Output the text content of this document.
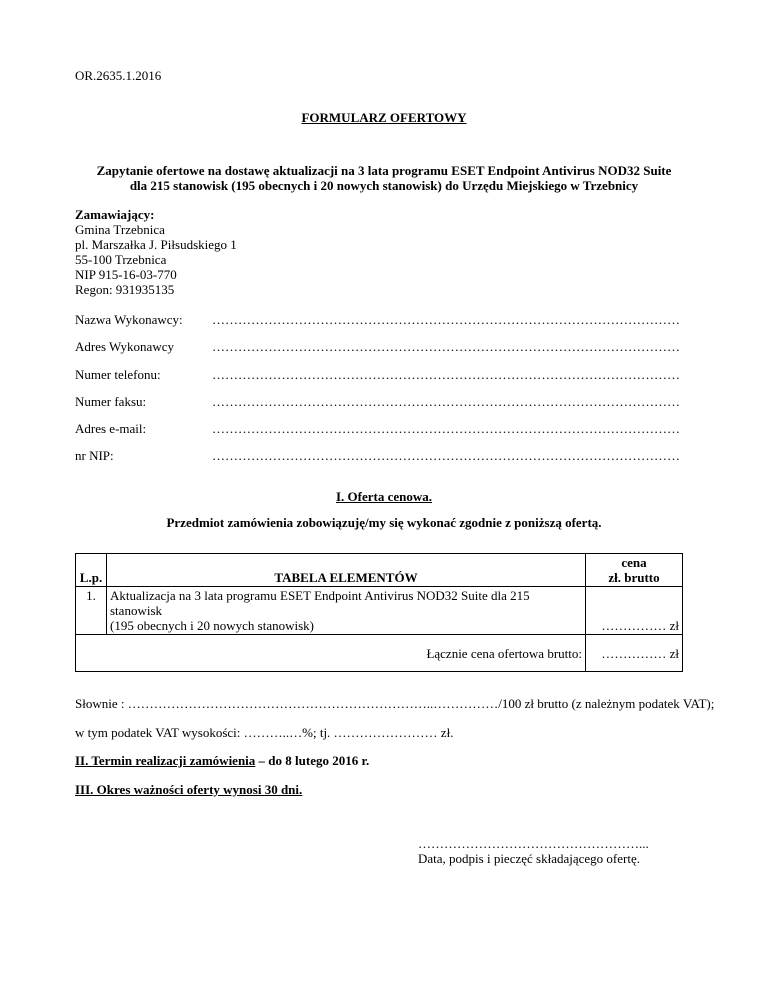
OR.2635.1.2016
FORMULARZ OFERTOWY
Zapytanie ofertowe na dostawę aktualizacji na 3 lata programu ESET Endpoint Antivirus NOD32 Suite
dla 215 stanowisk (195 obecnych i 20 nowych stanowisk) do Urzędu Miejskiego w Trzebnicy
Zamawiający:
Gmina Trzebnica
pl. Marszałka J. Piłsudskiego 1
55-100 Trzebnica
NIP 915-16-03-770
Regon: 931935135
Nazwa Wykonawcy: ………………………………………………………………………………………………
Adres Wykonawcy	………………………………………………………………………………………………
Numer telefonu:	………………………………………………………………………………………………
Numer faksu:	………………………………………………………………………………………………
Adres e-mail:	………………………………………………………………………………………………
nr NIP:	………………………………………………………………………………………………
I. Oferta cenowa.
Przedmiot zamówienia zobowiązuję/my się wykonać zgodnie z poniższą ofertą.
L.p.	TABELA ELEMENTÓW	cena
zł. brutto

1.	Aktualizacja na 3 lata programu ESET Endpoint Antivirus NOD32 Suite dla 215 stanowisk
(195 obecnych i 20 nowych stanowisk)	…………… zł
Łącznie cena ofertowa brutto:		…………… zł
Słownie : ……………………………………………………………..……………/100 zł brutto (z należnym podatek VAT);
w tym podatek VAT wysokości: ………..…%; tj. …………………… zł.
II. Termin realizacji zamówienia – do 8 lutego 2016 r.
III. Okres ważności oferty wynosi 30 dni.
……………………………………………...
Data, podpis i pieczęć składającego ofertę.
